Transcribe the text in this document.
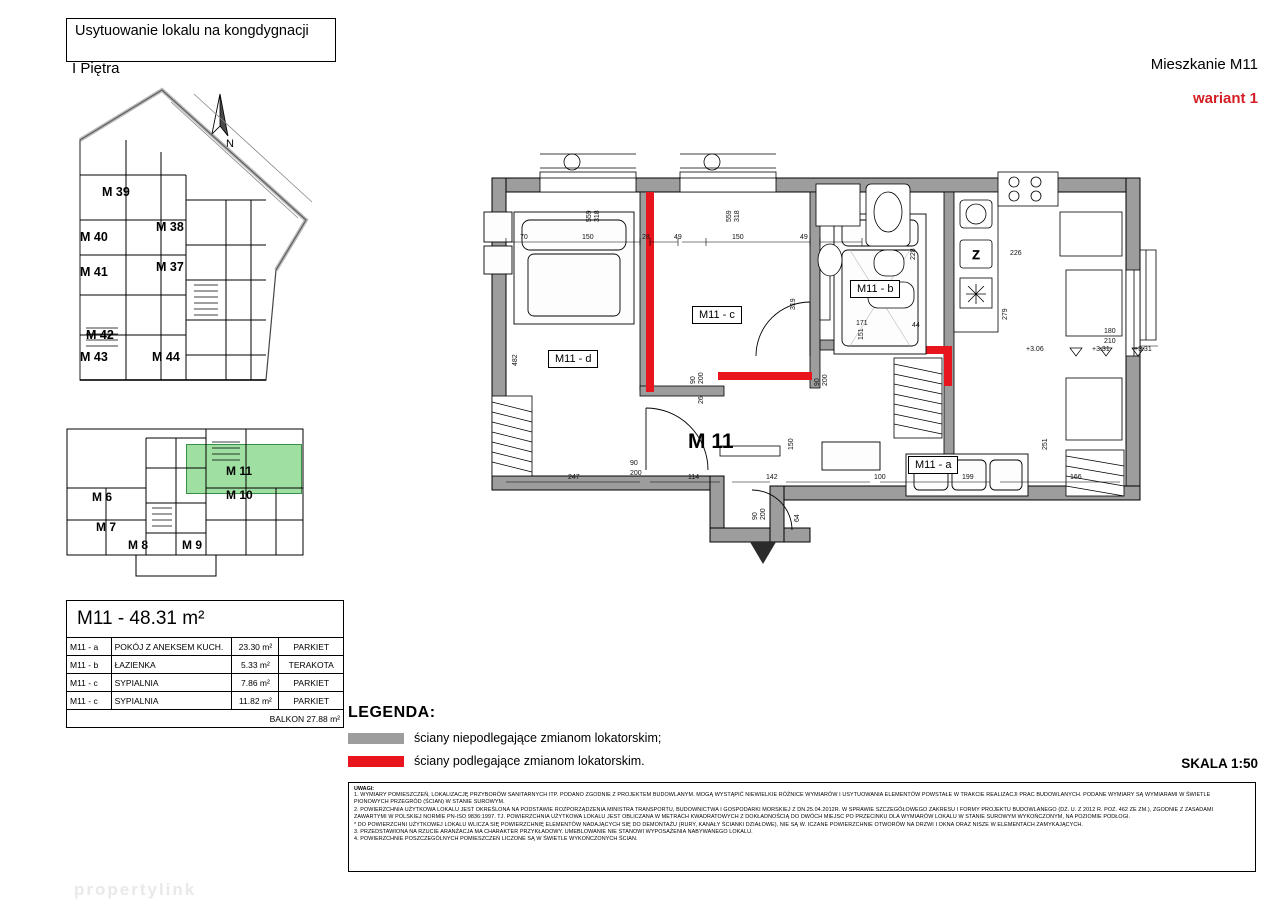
Mieszkanie M11
wariant 1
SKALA 1:50
Usytuowanie lokalu na kongdygnacji
I Piętra
N
M 39
M 40
M 38
M 41	M 37
M 42
M 43	M 44
M 6
M 11
M 10
M 7
M 8	M 9
M11 - 48.31 m²
M11 - a	POKÓJ Z ANEKSEM KUCH.	23.30 m²	PARKIET
M11 - b	ŁAZIENKA	5.33 m²	TERAKOTA
M11 - c	SYPIALNIA	7.86 m²	PARKIET
M11 - c	SYPIALNIA	11.82 m²	PARKIET
BALKON 27.88 m²			LEGENDA:
ściany niepodlegające zmianom lokatorskim;
ściany podlegające zmianom lokatorskim.
UWAGI:
1. WYMIARY POMIESZCZEŃ, LOKALIZACJĘ PRZYBORÓW SANITARNYCH ITP. PODANO ZGODNIE Z PROJEKTEM BUDOWLANYM. MOGĄ WYSTĄPIĆ NIEWIELKIE RÓŻNICE WYMIARÓW I USYTUOWANIA ELEMENTÓW POWSTAŁE W TRAKCIE REALIZACJI PRAC BUDOWLANYCH. PODANE WYMIARY SĄ WYMIARAMI W ŚWIETLE
PIONOWYCH PRZEGRÓD (ŚCIAN) W STANIE SUROWYM.
2. POWIERZCHNIA UŻYTKOWA LOKALU JEST OKREŚLONA NA PODSTAWIE ROZPORZĄDZENIA MINISTRA TRANSPORTU, BUDOWNICTWA I GOSPODARKI MORSKIEJ Z DN.25.04.2012R. W SPRAWIE SZCZEGÓŁOWEGO ZAKRESU I FORMY PROJEKTU BUDOWLANEGO (DZ. U. Z 2012 R. POZ. 462 ZE ZM.), ZGODNIE Z ZASADAMI
ZAWARTYMI W POLSKIEJ NORMIE PN-ISO 9836:1997. TJ. POWIERZCHNIA UŻYTKOWA LOKALU JEST OBLICZANA W METRACH KWADRATOWYCH Z DOKŁADNOŚCIĄ DO DWÓCH MIEJSC PO PRZECINKU DLA WYMIARÓW LOKALU W STANIE SUROWYM WYKOŃCZONYM, NA POZIOMIE PODŁOGI.
* DO POWIERZCHNI UŻYTKOWEJ LOKALU WLICZA SIĘ POWIERZCHNIĘ ELEMENTÓW NADAJĄCYCH SIĘ DO DEMONTAŻU (RURY, KANAŁY ŚCIANKI DZIAŁOWE), NIE SĄ W. ICZANE POWIERZCHNIE OTWORÓW NA DRZWI I OKNA ORAZ NISZE W ELEMENTACH ZAMYKAJĄCYCH.
3. PRZEDSTAWIONA NA RZUCIE ARANŻACJA MA CHARAKTER PRZYKŁADOWY. UMEBLOWANIE NIE STANOWI WYPOSAŻENIA NABYWANEGO LOKALU.
4. POWIERZCHNIE POSZCZEGÓLNYCH POMIESZCZEŃ LICZONE SĄ W ŚWIETLE WYKOŃCZONYCH ŚCIAN.
Z
M11 - d
M11 - c
M11 - b
M11 - a
M 11
70	150	28	49	150	49
482
319
171	44
151
226
279
228
247
90
200
114	142	100	199	166
90 200	90 200
150	251
64
90 200
+3.06	+3.31	+3.31
180
210
559 318	559 318
26
propertylink
